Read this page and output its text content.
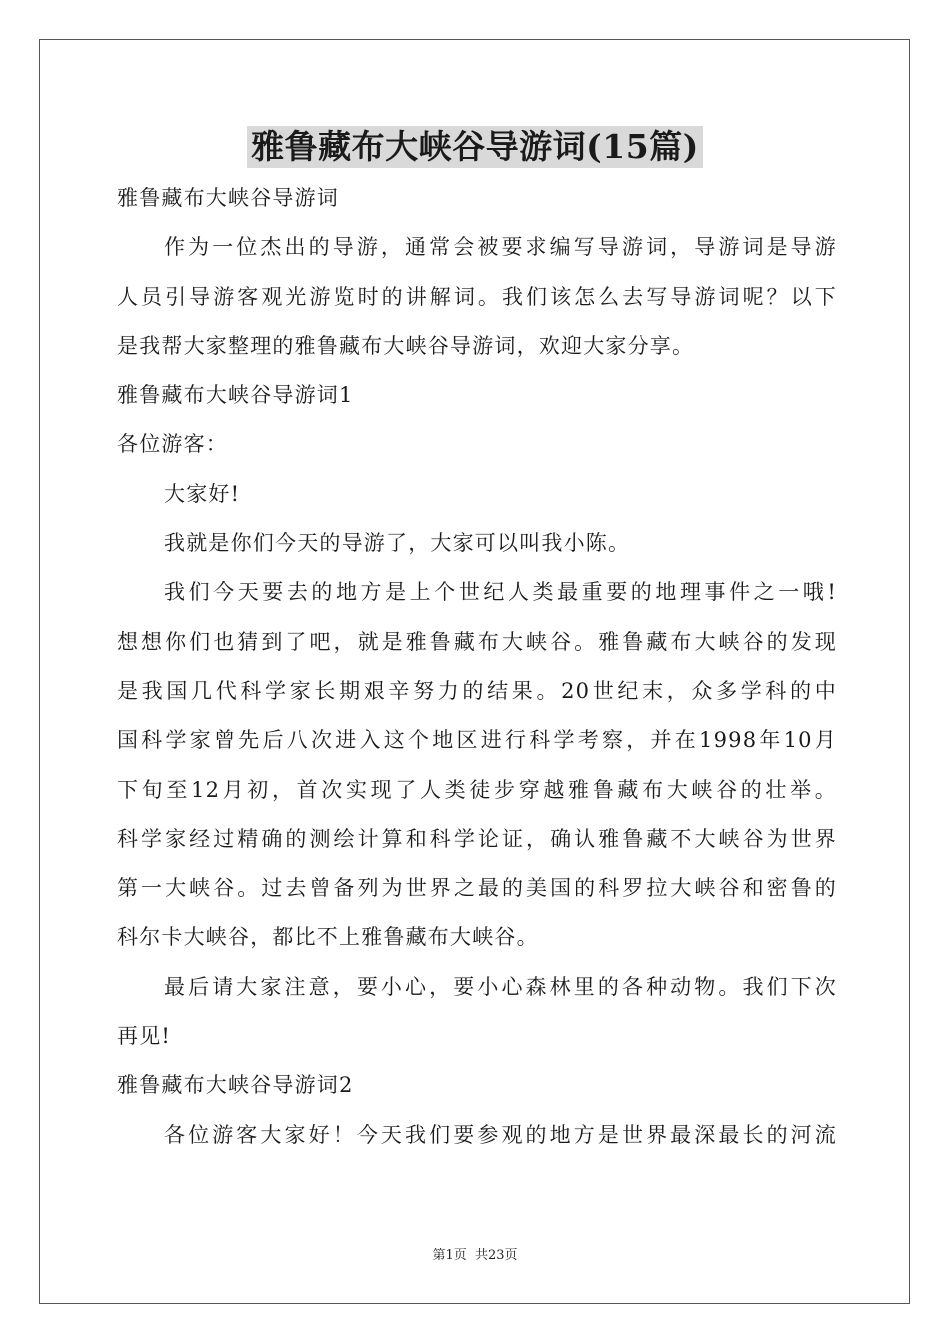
雅鲁藏布大峡谷导游词(15篇)
雅鲁藏布大峡谷导游词
作为一位杰出的导游，通常会被要求编写导游词，导游词是导游
人员引导游客观光游览时的讲解词。我们该怎么去写导游词呢？以下
是我帮大家整理的雅鲁藏布大峡谷导游词，欢迎大家分享。
雅鲁藏布大峡谷导游词1
各位游客：
大家好!
我就是你们今天的导游了，大家可以叫我小陈。
我们今天要去的地方是上个世纪人类最重要的地理事件之一哦!
想想你们也猜到了吧，就是雅鲁藏布大峡谷。雅鲁藏布大峡谷的发现
是我国几代科学家长期艰辛努力的结果。20世纪末，众多学科的中
国科学家曾先后八次进入这个地区进行科学考察，并在1998年10月
下旬至12月初，首次实现了人类徒步穿越雅鲁藏布大峡谷的壮举。
科学家经过精确的测绘计算和科学论证，确认雅鲁藏不大峡谷为世界
第一大峡谷。过去曾备列为世界之最的美国的科罗拉大峡谷和密鲁的
科尔卡大峡谷，都比不上雅鲁藏布大峡谷。
最后请大家注意，要小心，要小心森林里的各种动物。我们下次
再见!
雅鲁藏布大峡谷导游词2
各位游客大家好！今天我们要参观的地方是世界最深最长的河流
第1页 共23页
